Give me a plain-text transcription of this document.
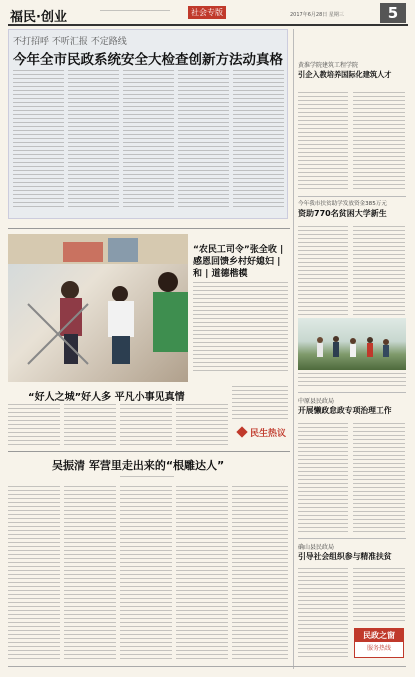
福民·创业	社会专版	2017年6月28日 星期三	5
不打招呼 不听汇报 不定路线
今年全市民政系统安全大检查创新方法动真格	黄淮学院建筑工程学院
引企入教培养国际化建筑人才
今年我市扶贫助学发放资金385万元
资助770名贫困大学新生
“农民工司令”张全收 | 感恩回馈乡村好媳妇 | 和 | 道德楷模
“好人之城”好人多 平凡小事见真情
民生热议
吴振清 军营里走出来的“根雕达人”
中原县民政局
开展懒政怠政专项治理工作
确山县民政局
引导社会组织参与精准扶贫
民政之窗
服务热线
